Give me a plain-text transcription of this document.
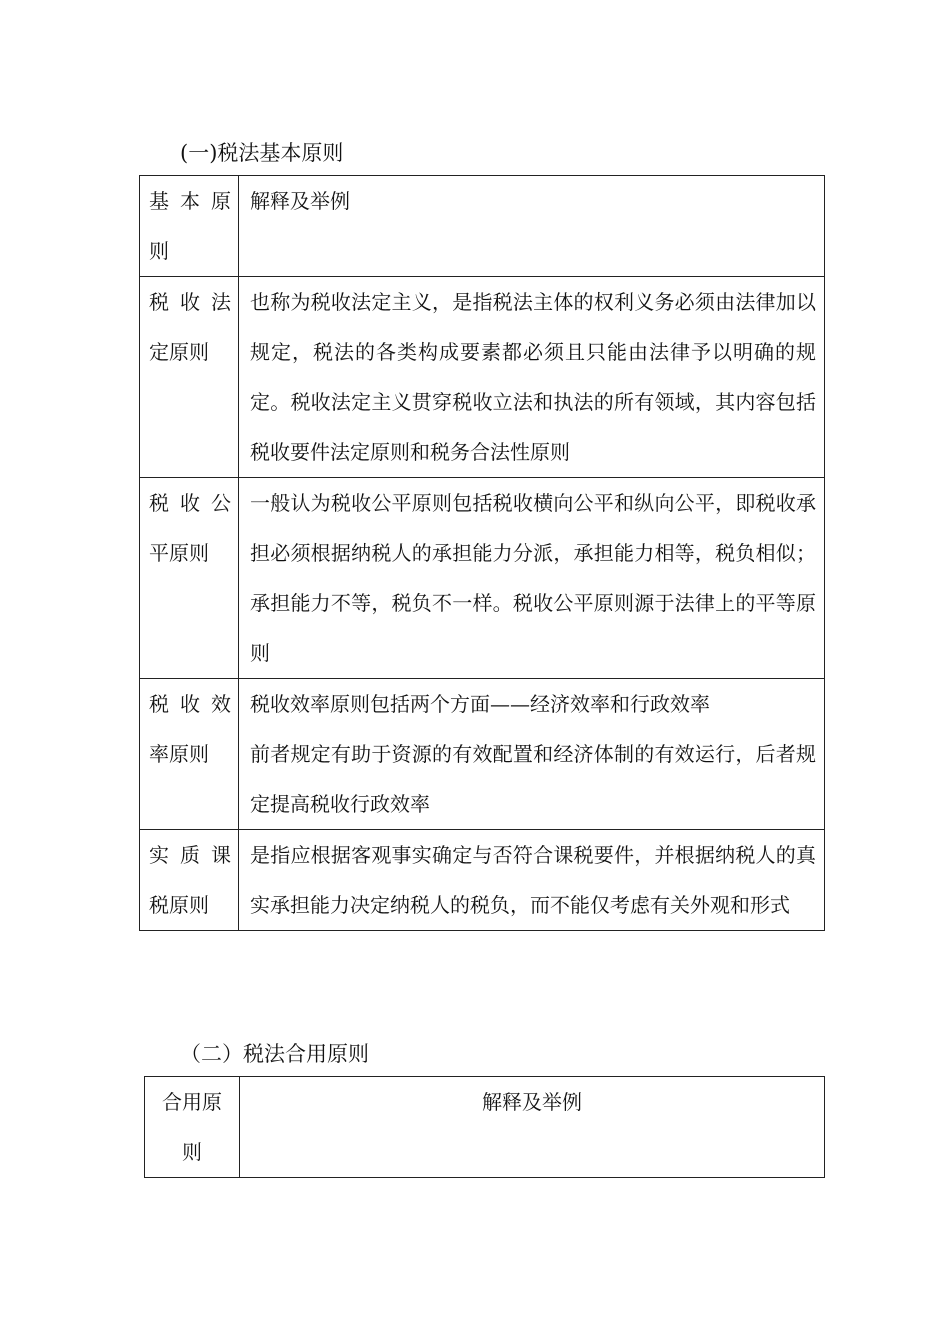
(一)税法基本原则
基 本 原
则	解释及举例

税 收 法
定原则	也称为税收法定主义，是指税法主体的权利义务必须由法律加以规定，税法的各类构成要素都必须且只能由法律予以明确的规定。税收法定主义贯穿税收立法和执法的所有领域，其内容包括税收要件法定原则和税务合法性原则

税 收 公
平原则	一般认为税收公平原则包括税收横向公平和纵向公平，即税收承担必须根据纳税人的承担能力分派，承担能力相等，税负相似；承担能力不等，税负不一样。税收公平原则源于法律上的平等原则

税 收 效
率原则	税收效率原则包括两个方面——经济效率和行政效率
前者规定有助于资源的有效配置和经济体制的有效运行，后者规定提高税收行政效率

实 质 课
税原则	是指应根据客观事实确定与否符合课税要件，并根据纳税人的真实承担能力决定纳税人的税负，而不能仅考虑有关外观和形式
（二）税法合用原则
合用原
则
	解释及举例
